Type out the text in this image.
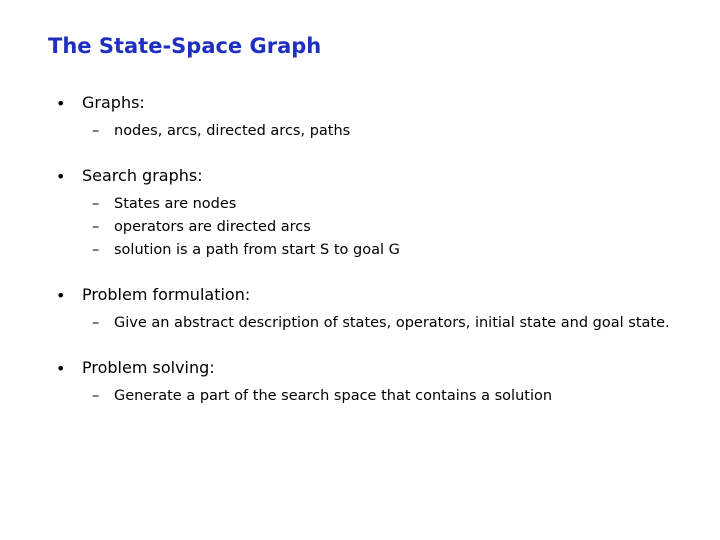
The State-Space Graph
• Graphs:
– nodes, arcs, directed arcs, paths
• Search graphs:
– States are nodes
– operators are directed arcs
– solution is a path from start S to goal G
• Problem formulation:
– Give an abstract description of states, operators, initial state and goal state.
• Problem solving:
– Generate a part of the search space that contains a solution
